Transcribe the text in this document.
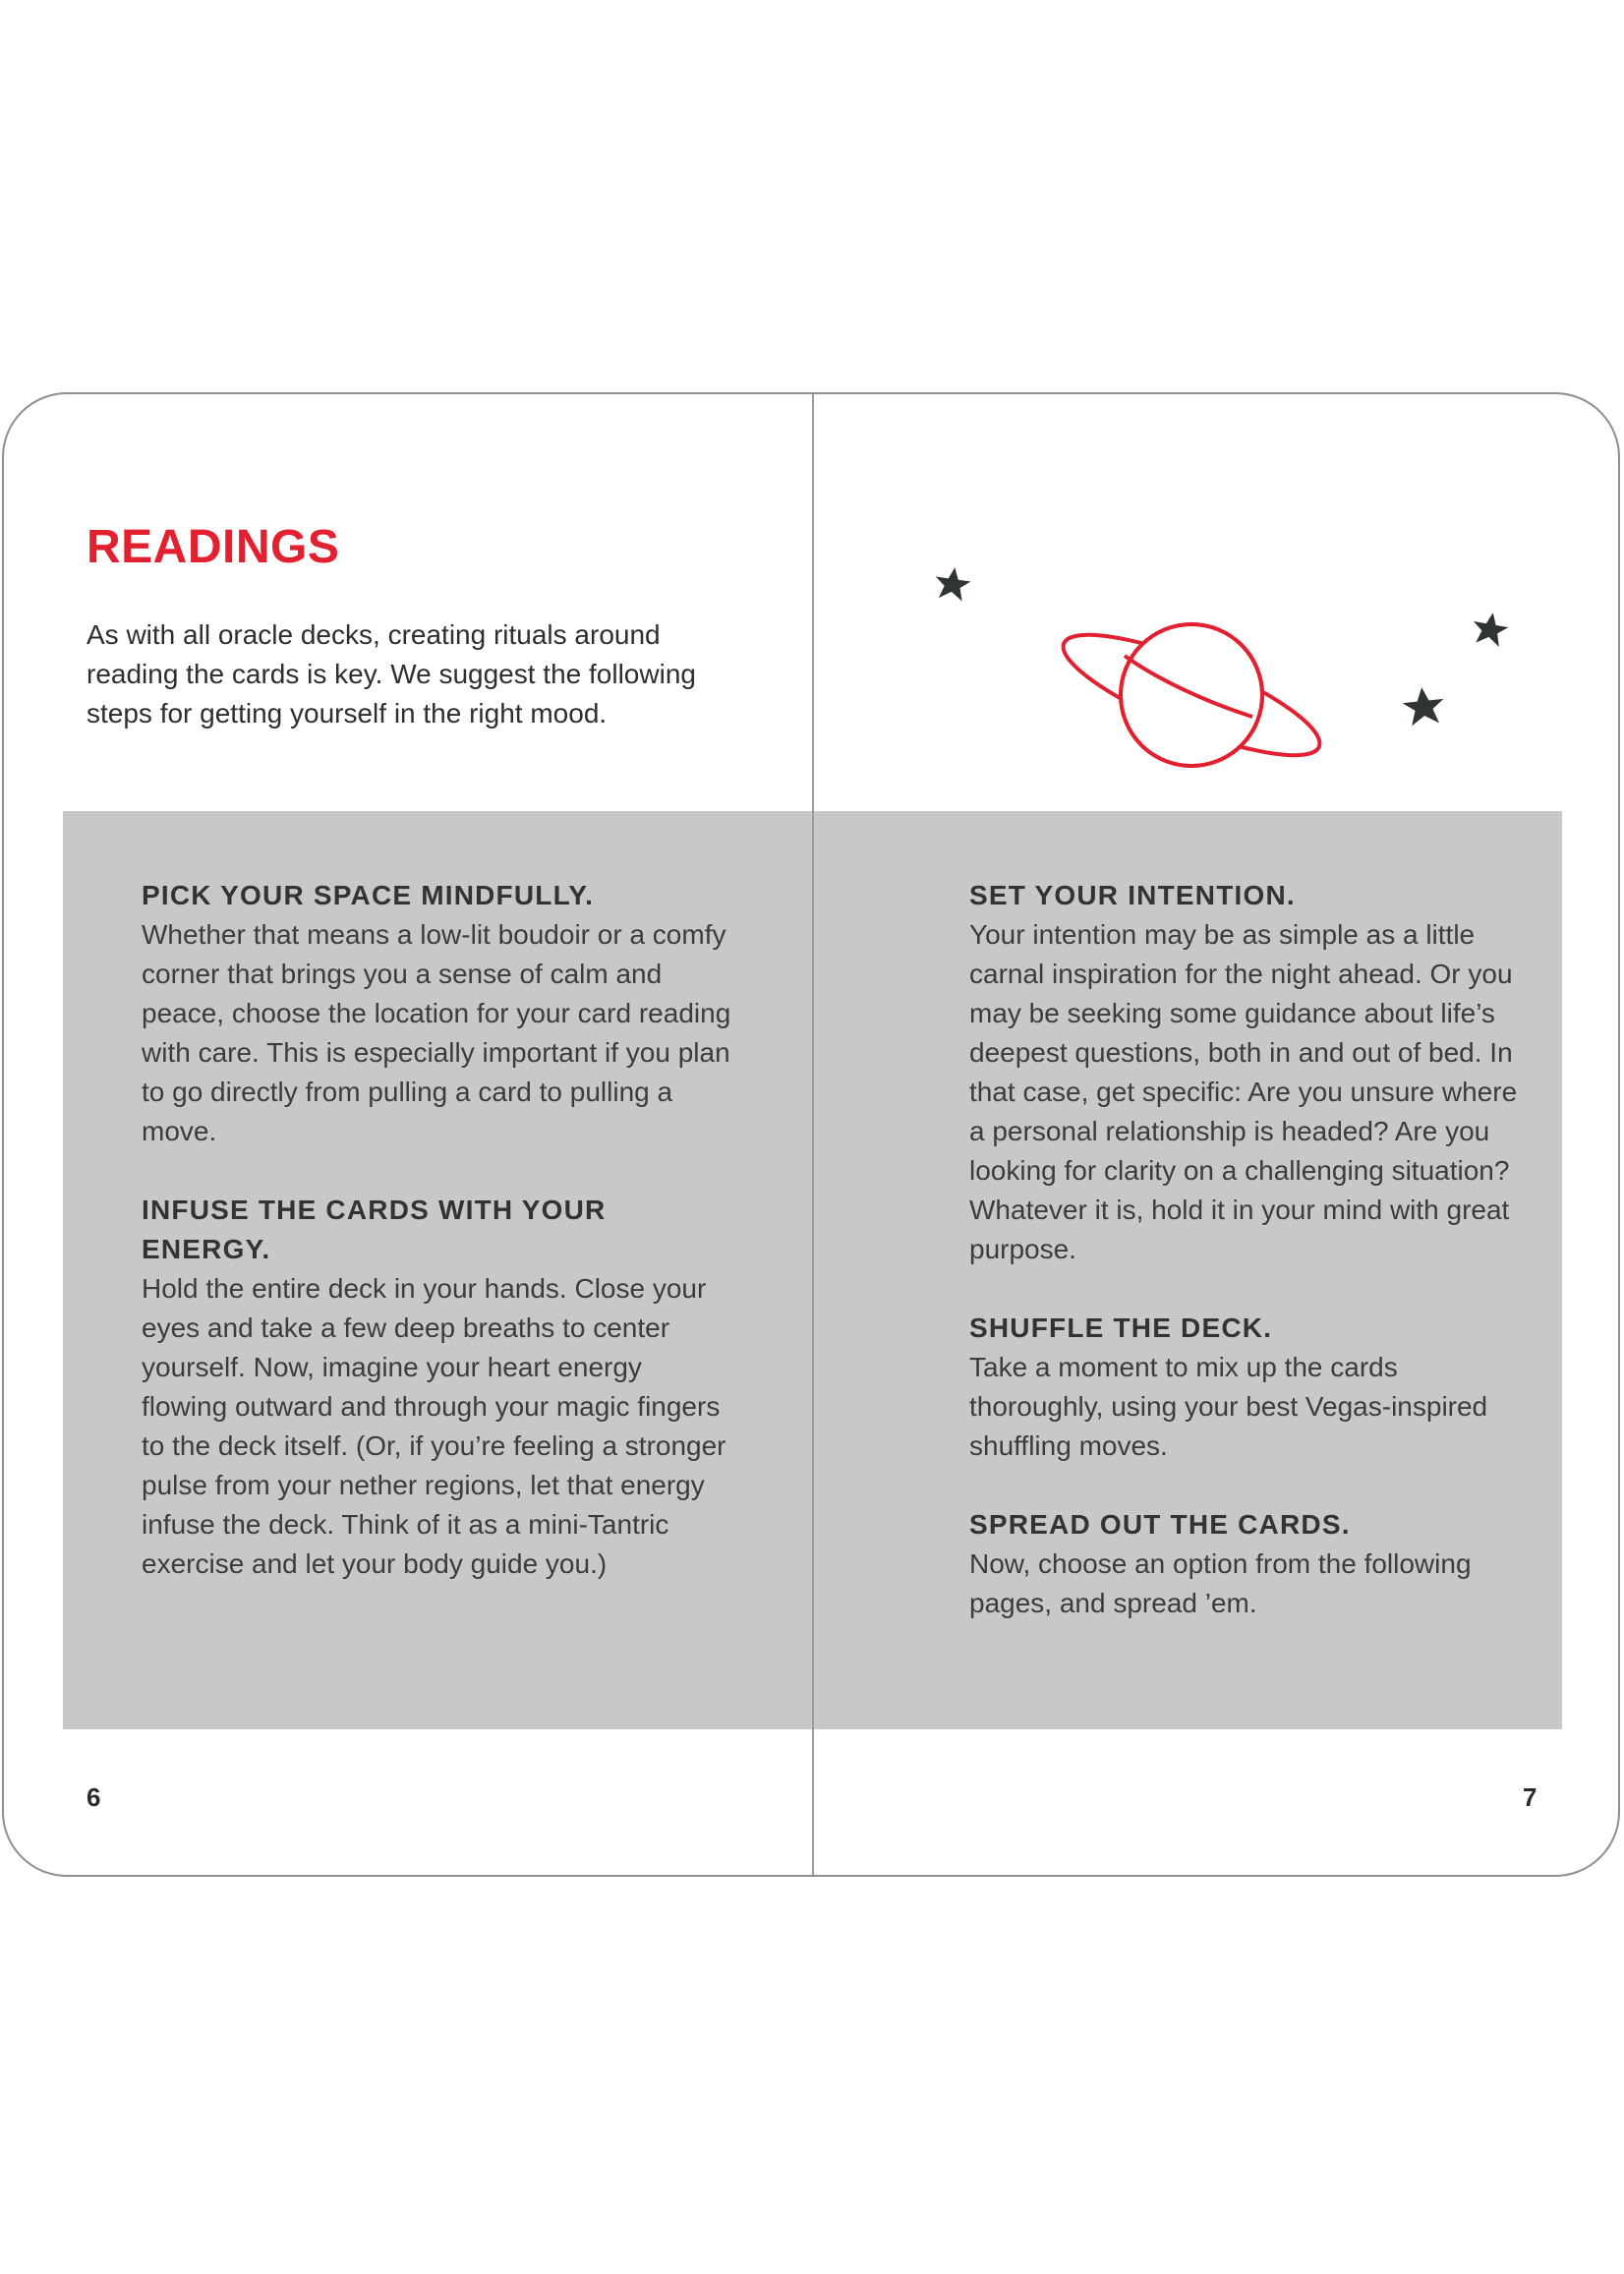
READINGS

As with all oracle decks, creating rituals around reading the cards is key. We suggest the following steps for getting yourself in the right mood.

PICK YOUR SPACE MINDFULLY.

Whether that means a low-lit boudoir or a comfy corner that brings you a sense of calm and peace, choose the location for your card reading with care. This is especially important if you plan to go directly from pulling a card to pulling a move.

INFUSE THE CARDS WITH YOUR ENERGY.

Hold the entire deck in your hands. Close your eyes and take a few deep breaths to center yourself. Now, imagine your heart energy flowing outward and through your magic fingers to the deck itself. (Or, if you’re feeling a stronger pulse from your nether regions, let that energy infuse the deck. Think of it as a mini-Tantric exercise and let your body guide you.)

SET YOUR INTENTION.

Your intention may be as simple as a little carnal inspiration for the night ahead. Or you may be seeking some guidance about life’s deepest questions, both in and out of bed. In that case, get specific: Are you unsure where a personal relationship is headed? Are you looking for clarity on a challenging situation? Whatever it is, hold it in your mind with great purpose.

SHUFFLE THE DECK.

Take a moment to mix up the cards thoroughly, using your best Vegas-inspired shuffling moves.

SPREAD OUT THE CARDS.

Now, choose an option from the following pages, and spread ’em.

6	7
